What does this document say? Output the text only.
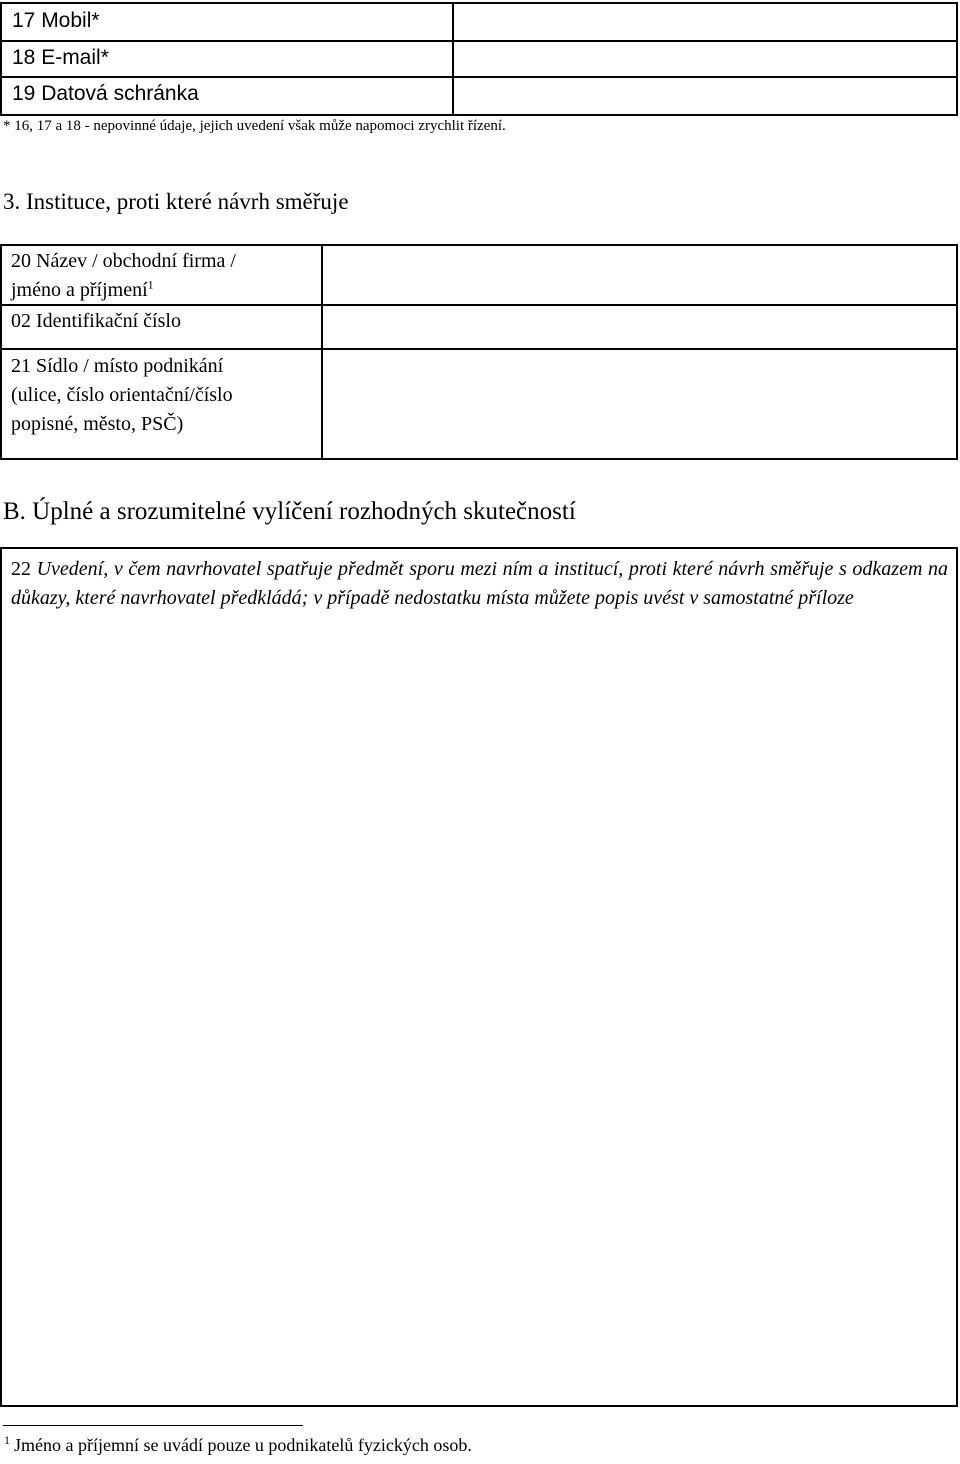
17 Mobil*
18 E-mail*
19 Datová schránka
* 16, 17 a 18 - nepovinné údaje, jejich uvedení však může napomoci zrychlit řízení.
3. Instituce, proti které návrh směřuje
20 Název / obchodní firma /
jméno a příjmení$^1$
02 Identifikační číslo
21 Sídlo / místo podnikání
(ulice, číslo orientační/číslo
popisné, město, PSČ)
B. Úplné a srozumitelné vylíčení rozhodných skutečností
22 Uvedení, v čem navrhovatel spatřuje předmět sporu mezi ním a institucí, proti které návrh směřuje s odkazem na důkazy, které navrhovatel předkládá; v případě nedostatku místa můžete popis uvést v samostatné příloze
$^1$ Jméno a příjemní se uvádí pouze u podnikatelů fyzických osob.
